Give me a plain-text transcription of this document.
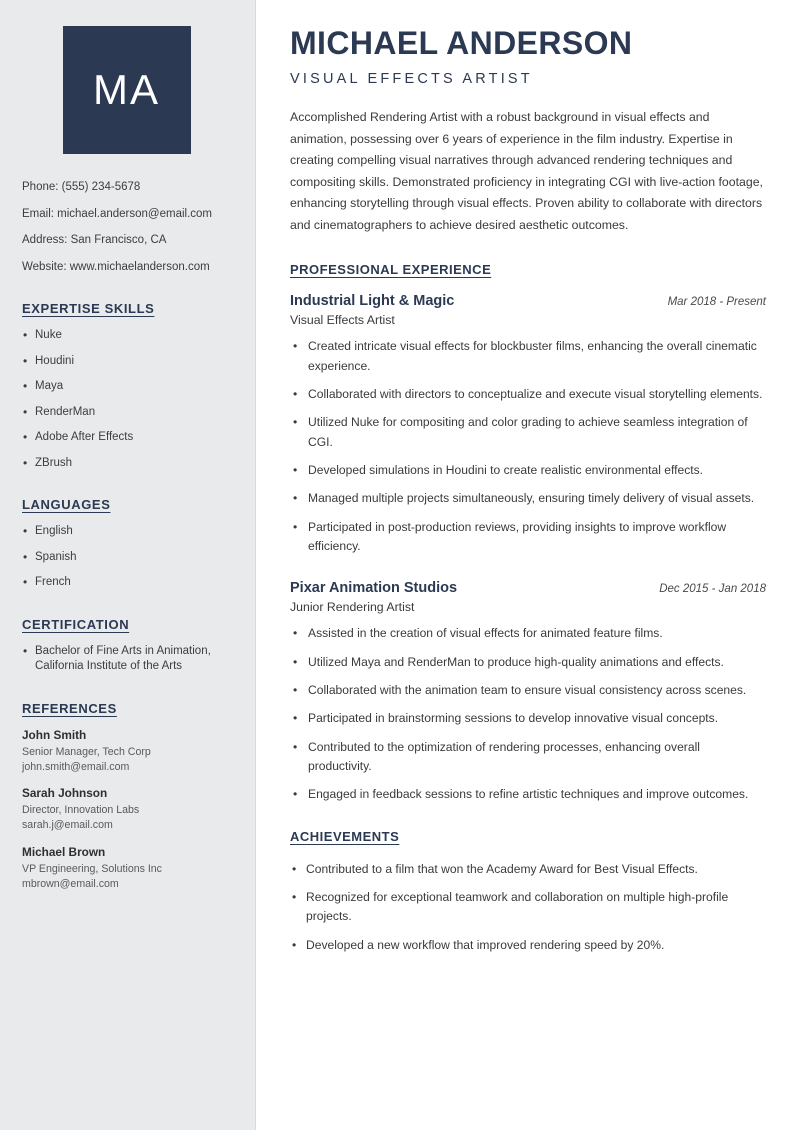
MA
Phone: (555) 234-5678
Email: michael.anderson@email.com
Address: San Francisco, CA
Website: www.michaelanderson.com
EXPERTISE SKILLS
• Nuke
• Houdini
• Maya
• RenderMan
• Adobe After Effects
• ZBrush
LANGUAGES
• English
• Spanish
• French
CERTIFICATION
• Bachelor of Fine Arts in Animation, California Institute of the Arts
REFERENCES
John Smith
Senior Manager, Tech Corp
john.smith@email.com
Sarah Johnson
Director, Innovation Labs
sarah.j@email.com
Michael Brown
VP Engineering, Solutions Inc
mbrown@email.com
MICHAEL ANDERSON
VISUAL EFFECTS ARTIST

Accomplished Rendering Artist with a robust background in visual effects and animation, possessing over 6 years of experience in the film industry. Expertise in creating compelling visual narratives through advanced rendering techniques and compositing skills. Demonstrated proficiency in integrating CGI with live-action footage, enhancing storytelling through visual effects. Proven ability to collaborate with directors and cinematographers to achieve desired aesthetic outcomes.

PROFESSIONAL EXPERIENCE
Industrial Light & Magic	Mar 2018 - Present
Visual Effects Artist
• Created intricate visual effects for blockbuster films, enhancing the overall cinematic experience.
• Collaborated with directors to conceptualize and execute visual storytelling elements.
• Utilized Nuke for compositing and color grading to achieve seamless integration of CGI.
• Developed simulations in Houdini to create realistic environmental effects.
• Managed multiple projects simultaneously, ensuring timely delivery of visual assets.
• Participated in post-production reviews, providing insights to improve workflow efficiency.
Pixar Animation Studios	Dec 2015 - Jan 2018
Junior Rendering Artist
• Assisted in the creation of visual effects for animated feature films.
• Utilized Maya and RenderMan to produce high-quality animations and effects.
• Collaborated with the animation team to ensure visual consistency across scenes.
• Participated in brainstorming sessions to develop innovative visual concepts.
• Contributed to the optimization of rendering processes, enhancing overall productivity.
• Engaged in feedback sessions to refine artistic techniques and improve outcomes.
ACHIEVEMENTS
• Contributed to a film that won the Academy Award for Best Visual Effects.
• Recognized for exceptional teamwork and collaboration on multiple high-profile projects.
• Developed a new workflow that improved rendering speed by 20%.
